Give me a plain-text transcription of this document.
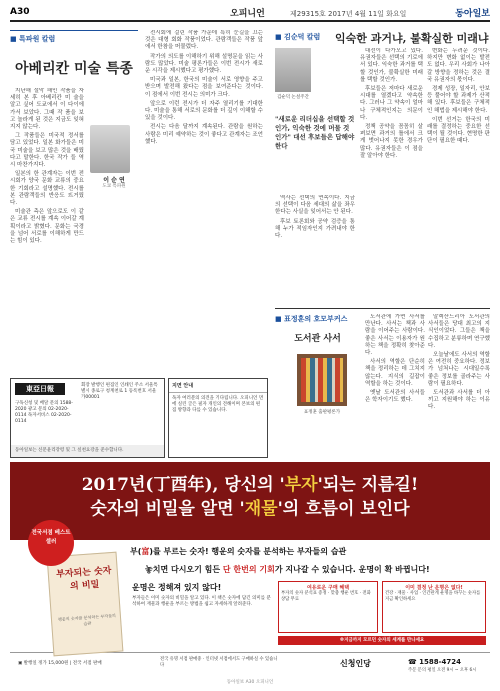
A30	오피니언	제29315호 2017년 4월 11일 화요일	동아일보
■ 특파원 칼럼
아베리칸 미술 특종

지난해 설악 해인 작품을 자세히 본 후 아베리칸 미 술을 알고 싶어 도쿄에서 이 다이에 가서 보았다. 그때 작 품을 보고 놀라게 된 것은 지금도 잊혀지지 않는다.

그 작품들은 미국적 정서를 담고 있었다. 일본 화가들은 미국 미술을 보고 많은 것을 배웠다고 말한다. 한국 작가 들 역시 마찬가지다.

일본의 한 관계자는 이번 전시회가 양국 문화 교류의 중요한 기회라고 설명했다. 전시를 본 관람객들의 반응도 뜨거웠다.

미술관 측은 앞으로도 이 같은 교류 전시를 계속 이어갈 계획이라고 밝혔다. 문화는 국경을 넘어 서로를 이해하게 만드는 힘이 있다.

이 순 연
도쿄 특파원

전시회에 걸린 작품 가운데 특히 눈길을 끄는 것은 대형 회화 작품이었다. 관람객들은 작품 앞에서 한참을 머물렀다.

작가의 의도를 이해하기 위해 설명문을 읽는 사람도 많았다. 미술 평론가들은 이번 전시가 새로운 시각을 제시했다고 평가했다.

미국과 일본, 한국의 미술이 서로 영향을 주고받으며 발전해 왔다는 점을 보여준다는 것이다. 이 점에서 이번 전시는 의미가 크다.

앞으로 이런 전시가 더 자주 열리기를 기대한다. 미술을 통해 서로의 문화를 더 깊이 이해할 수 있을 것이다.

전시는 다음 달까지 계속된다. 관람을 원하는 사람은 미리 예약하는 것이 좋다고 관계자는 조언했다.

東亞日報
구독신청 및 배달 문의 1588-2020 광고 문의 02-2020-0114 독자서비스 02-2020-0114
회장 발행인 편집인 인쇄인 주소 서울특별시 종로구 청계천로 1 등록번호 서울 가00001
동아일보는 신문윤리강령 및 그 실천요강을 준수합니다.
지면 안내
독자 여러분의 의견을 기다립니다. 오피니언 면에 실린 글은 필자 개인의 견해이며 본보의 편집 방향과 다를 수 있습니다.
■ 김순덕 칼럼 익숙한 과거냐, 불확실한 미래냐
김순덕 논설주간
"새로운 리더십을 선택할 것인가, 익숙한 것에 머물 것인가" 대선 후보들은 답해야 한다

역사는 선택의 연속이다. 지금의 선택이 다음 세대의 삶을 좌우한다는 사실을 잊어서는 안 된다.

후보 토론회와 공약 검증을 통해 누가 적임자인지 가려내야 한다.

대선이 다가오고 있다. 유권자들은 선택의 기로에 서 있다. 익숙한 과거를 택할 것인가, 불확실한 미래를 택할 것인가.

후보들은 저마다 새로운 시대를 열겠다고 약속한다. 그러나 그 약속이 얼마나 구체적인지는 의문이다.

정책 공약을 꼼꼼히 살펴보면 과거의 틀에서 크게 벗어나지 못한 경우가 많다. 유권자들은 이 점을 잘 알아야 한다.

변화는 두려운 것이다. 하지만 변화 없이는 발전도 없다. 우리 사회가 나아갈 방향을 정하는 것은 결국 유권자의 몫이다.

경제 성장, 일자리, 안보 등 풀어야 할 과제가 산적해 있다. 후보들은 구체적인 해법을 제시해야 한다.

이번 선거는 한국의 미래를 결정하는 중요한 선택이 될 것이다. 현명한 판단이 필요한 때다.

■ 표정훈의 호모부커스
도서관 사서
표정훈 출판평론가

도서관에 가면 사서를 만난다. 사서는 책과 사람을 이어주는 사람이다. 좋은 사서는 이용자가 원하는 책을 정확히 찾아준다.

사서의 역할은 단순히 책을 정리하는 데 그치지 않는다. 지식의 길잡이 역할을 하는 것이다.

옛날 도서관의 사서들은 학자이기도 했다.

알렉산드리아 도서관의 사서들은 당대 최고의 지식인이었다. 그들은 책을 수집하고 분류하며 연구했다.

오늘날에도 사서의 역할은 여전히 중요하다. 정보가 넘쳐나는 시대일수록 좋은 정보를 골라주는 사람이 필요하다.

도서관과 사서를 더 아끼고 지원해야 하는 이유다.

2017년(丁酉年), 당신의 '부자'되는 지름길!
숫자의 비밀을 알면 '재물'의 흐름이 보인다
전국서점 베스트 셀러
부자되는 숫자의 비밀
행운의 숫자를 분석하는 부자들의 습관
부(富)를 부르는 숫자! 행운의 숫자를 분석하는 부자들의 습관
놓치면 다시오기 힘든 단 한번의 기회가 지나갈 수 있습니다. 운명이 확 바뀝니다!
운명은 정해져 있지 않다!
부자들은 이미 숫자의 비밀을 알고 있다. 이 책은 숫자에 담긴 의미를 분석하여 재물과 행운을 부르는 방법을 쉽고 자세하게 알려준다.
여유로운 구매 혜택
부자의 숫자 분석표 증정 · 맞춤 행운 번호 · 전화 상담 무료
이미 결정 난 운명은 없다!
건강 · 재물 · 사업 · 인간관계 운명을 바꾸는 숫자를 지금 확인하세요
※지금까지 모르던 숫자의 세계를 만나세요
▣ 발행일 정가 15,000원 | 전국 서점 판매
전국 유명 서점 판매중 · 인터넷 서점에서도 구매하실 수 있습니다	신청인당	☎ 1588-4724
주문 문의 평일 오전 9시 ~ 오후 6시
동아일보 A30 오피니언
